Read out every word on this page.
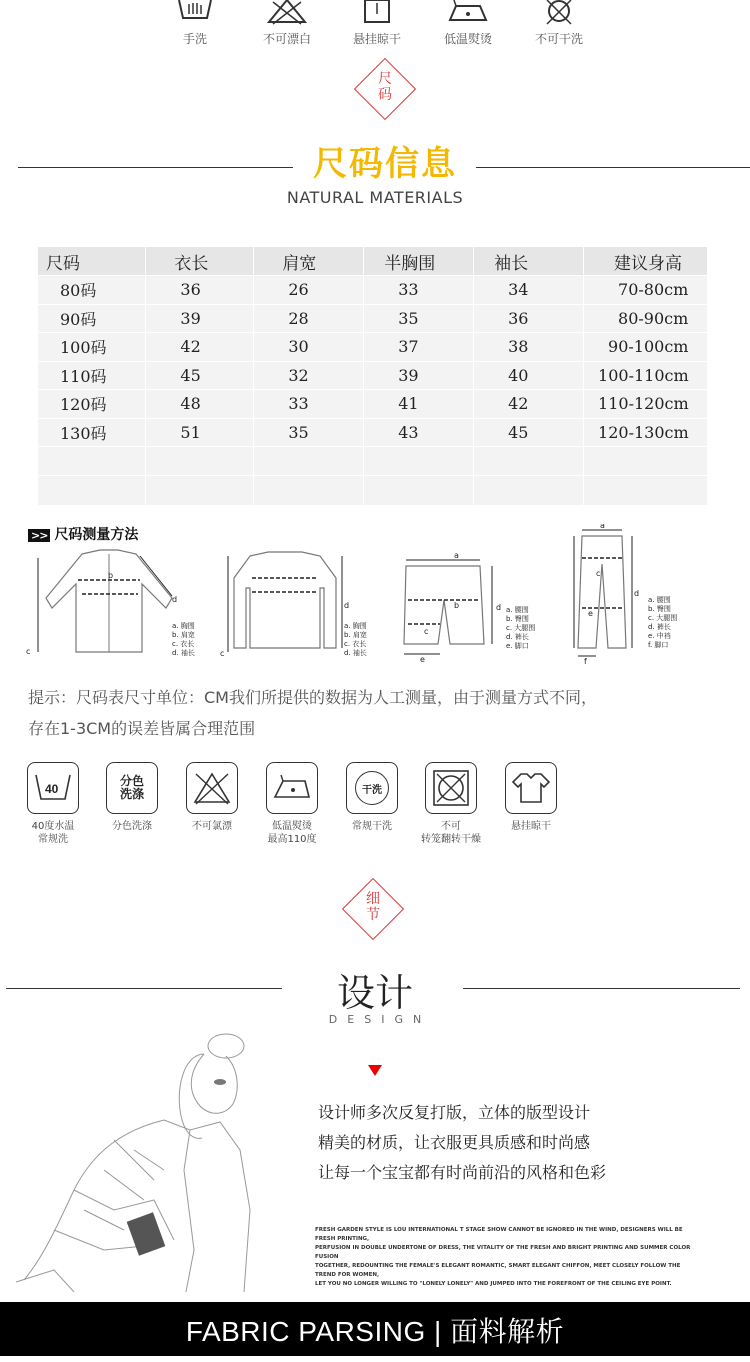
手洗	不可漂白	悬挂晾干	低温熨烫	不可干洗
尺
码
尺码信息
NATURAL MATERIALS
尺码	衣长	肩宽	半胸围	袖长	建议身高
80码	36	26	33	34	70-80cm
90码	39	28	35	36	80-90cm
100码	42	30	37	38	90-100cm
110码	45	32	39	40	100-110cm
120码	48	33	41	42	110-120cm
130码	51	35	43	45	120-130cm

>> 尺码测量方法
c
d
b
a. 胸围
b. 肩宽
c. 衣长
d. 袖长	c
d
a. 胸围
b. 肩宽
c. 衣长
d. 袖长
a
b
c
d
e
a. 腰围
b. 臀围
c. 大腿围
d. 裤长
e. 脚口
a
c
e
d
f
a. 腰围
b. 臀围
c. 大腿围
d. 裤长
e. 中裆
f. 脚口
提示：尺码表尺寸单位：CM我们所提供的数据为人工测量，由于测量方式不同，
存在1-3CM的误差皆属合理范围
40
40度水温
常规洗
分色
洗涤
分色洗涤	不可氯漂	低温熨烫
最高110度
干洗
常规干洗	不可
转笼翻转干燥
悬挂晾干
细
节
设计
DESIGN
设计师多次反复打版，立体的版型设计
精美的材质，让衣服更具质感和时尚感
让每一个宝宝都有时尚前沿的风格和色彩
FRESH GARDEN STYLE IS LOU INTERNATIONAL T STAGE SHOW CANNOT BE IGNORED IN THE WIND, DESIGNERS WILL BE FRESH PRINTING,
PERFUSION IN DOUBLE UNDERTONE OF DRESS, THE VITALITY OF THE FRESH AND BRIGHT PRINTING AND SUMMER COLOR FUSION
TOGETHER, REDOUNTING THE FEMALE'S ELEGANT ROMANTIC, SMART ELEGANT CHIFFON, MEET CLOSELY FOLLOW THE TREND FOR WOMEN,
LET YOU NO LONGER WILLING TO "LONELY LONELY" AND JUMPED INTO THE FOREFRONT OF THE CEILING EYE POINT.
FABRIC PARSING | 面料解析
